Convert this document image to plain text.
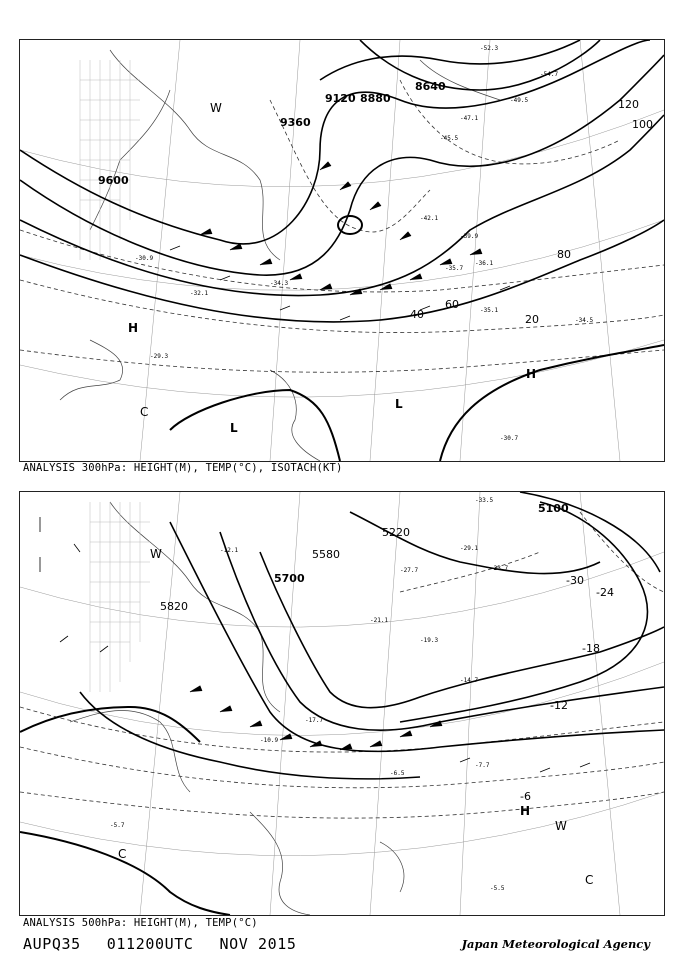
8640
8880
9120
9360
9600
20
40
60
80
100
120
H
L
L
H
W
C
-29.3
-30.9
-32.1
-34.3
-35.7
-36.1
-39.9
-42.1
-45.5
-47.1
-49.5
-52.3
-54.7
-30.7
-34.5
-35.1
ANALYSIS 300hPa: HEIGHT(M), TEMP(°C), ISOTACH(KT)
5100
5220
5580
5700
5820
-6
-12
-18
-24
-30
H
W
C
W
C
-5.5
-5.7
-6.5
-7.7
-10.9
-12.1
-14.7
-17.7
-19.3
-21.1
-23.7
-27.7
-29.1
-33.5
ANALYSIS 500hPa: HEIGHT(M), TEMP(°C)
AUPQ35 011200UTC NOV 2015	Japan Meteorological Agency
